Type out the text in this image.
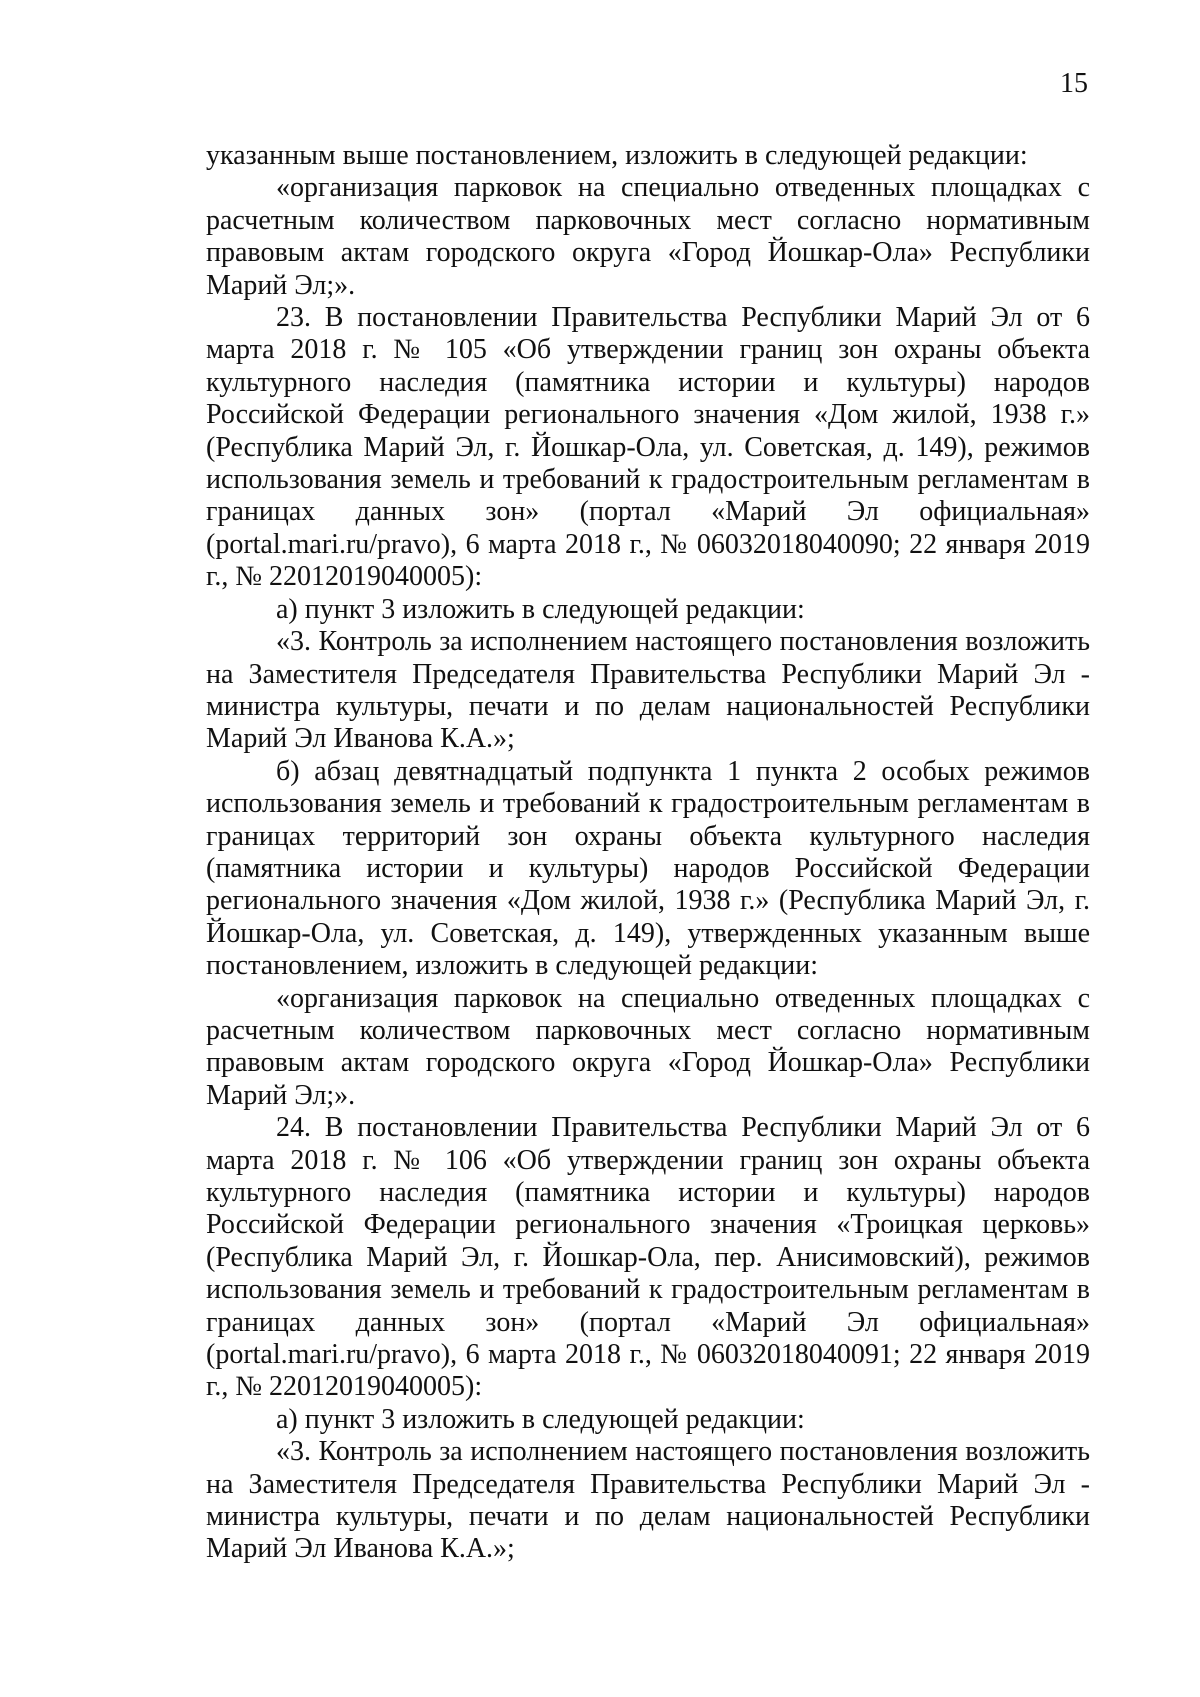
15

указанным выше постановлением, изложить в следующей редакции:

«организация парковок на специально отведенных площадках с расчетным количеством парковочных мест согласно нормативным правовым актам городского округа «Город Йошкар-Ола» Республики Марий Эл;».

23. В постановлении Правительства Республики Марий Эл от 6 марта 2018 г. № 105 «Об утверждении границ зон охраны объекта культурного наследия (памятника истории и культуры) народов Российской Федерации регионального значения «Дом жилой, 1938 г.» (Республика Марий Эл, г. Йошкар-Ола, ул. Советская, д. 149), режимов использования земель и требований к градостроительным регламентам в границах данных зон» (портал «Марий Эл официальная» (portal.mari.ru/pravo), 6 марта 2018 г., № 06032018040090; 22 января 2019 г., № 22012019040005):

а) пункт 3 изложить в следующей редакции:

«3. Контроль за исполнением настоящего постановления возложить на Заместителя Председателя Правительства Республики Марий Эл - министра культуры, печати и по делам национальностей Республики Марий Эл Иванова К.А.»;

б) абзац девятнадцатый подпункта 1 пункта 2 особых режимов использования земель и требований к градостроительным регламентам в границах территорий зон охраны объекта культурного наследия (памятника истории и культуры) народов Российской Федерации регионального значения «Дом жилой, 1938 г.» (Республика Марий Эл, г. Йошкар-Ола, ул. Советская, д. 149), утвержденных указанным выше постановлением, изложить в следующей редакции:

«организация парковок на специально отведенных площадках с расчетным количеством парковочных мест согласно нормативным правовым актам городского округа «Город Йошкар-Ола» Республики Марий Эл;».

24. В постановлении Правительства Республики Марий Эл от 6 марта 2018 г. № 106 «Об утверждении границ зон охраны объекта культурного наследия (памятника истории и культуры) народов Российской Федерации регионального значения «Троицкая церковь» (Республика Марий Эл, г. Йошкар-Ола, пер. Анисимовский), режимов использования земель и требований к градостроительным регламентам в границах данных зон» (портал «Марий Эл официальная» (portal.mari.ru/pravo), 6 марта 2018 г., № 06032018040091; 22 января 2019 г., № 22012019040005):

а) пункт 3 изложить в следующей редакции:

«3. Контроль за исполнением настоящего постановления возложить на Заместителя Председателя Правительства Республики Марий Эл - министра культуры, печати и по делам национальностей Республики Марий Эл Иванова К.А.»;
